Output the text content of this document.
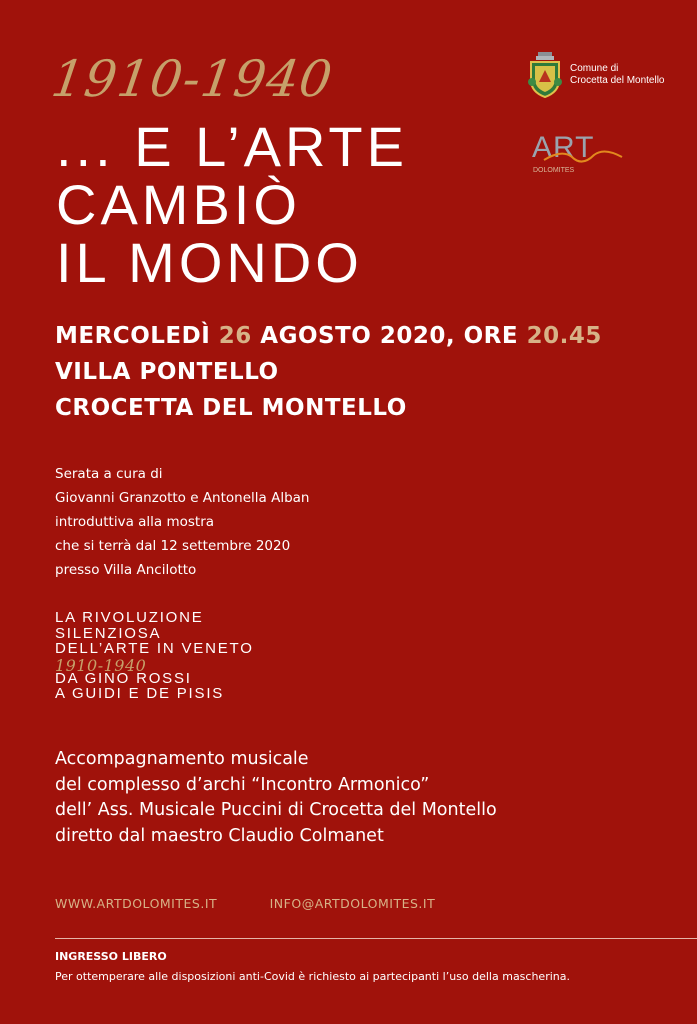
1910-1940
... E L’ARTE
CAMBIÒ
IL MONDO
Comune di
Crocetta del Montello
ART
DOLOMITES
MERCOLEDÌ 26 AGOSTO 2020, ORE 20.45
VILLA PONTELLO
CROCETTA DEL MONTELLO
Serata a cura di
Giovanni Granzotto e Antonella Alban
introduttiva alla mostra
che si terrà dal 12 settembre 2020
presso Villa Ancilotto
LA RIVOLUZIONE
SILENZIOSA
DELL’ARTE IN VENETO
1910-1940
DA GINO ROSSI
A GUIDI E DE PISIS
Accompagnamento musicale
del complesso d’archi “Incontro Armonico”
dell’ Ass. Musicale Puccini di Crocetta del Montello
diretto dal maestro Claudio Colmanet
WWW.ARTDOLOMITES.IT	INFO@ARTDOLOMITES.IT
INGRESSO LIBERO
Per ottemperare alle disposizioni anti-Covid è richiesto ai partecipanti l’uso della mascherina.
